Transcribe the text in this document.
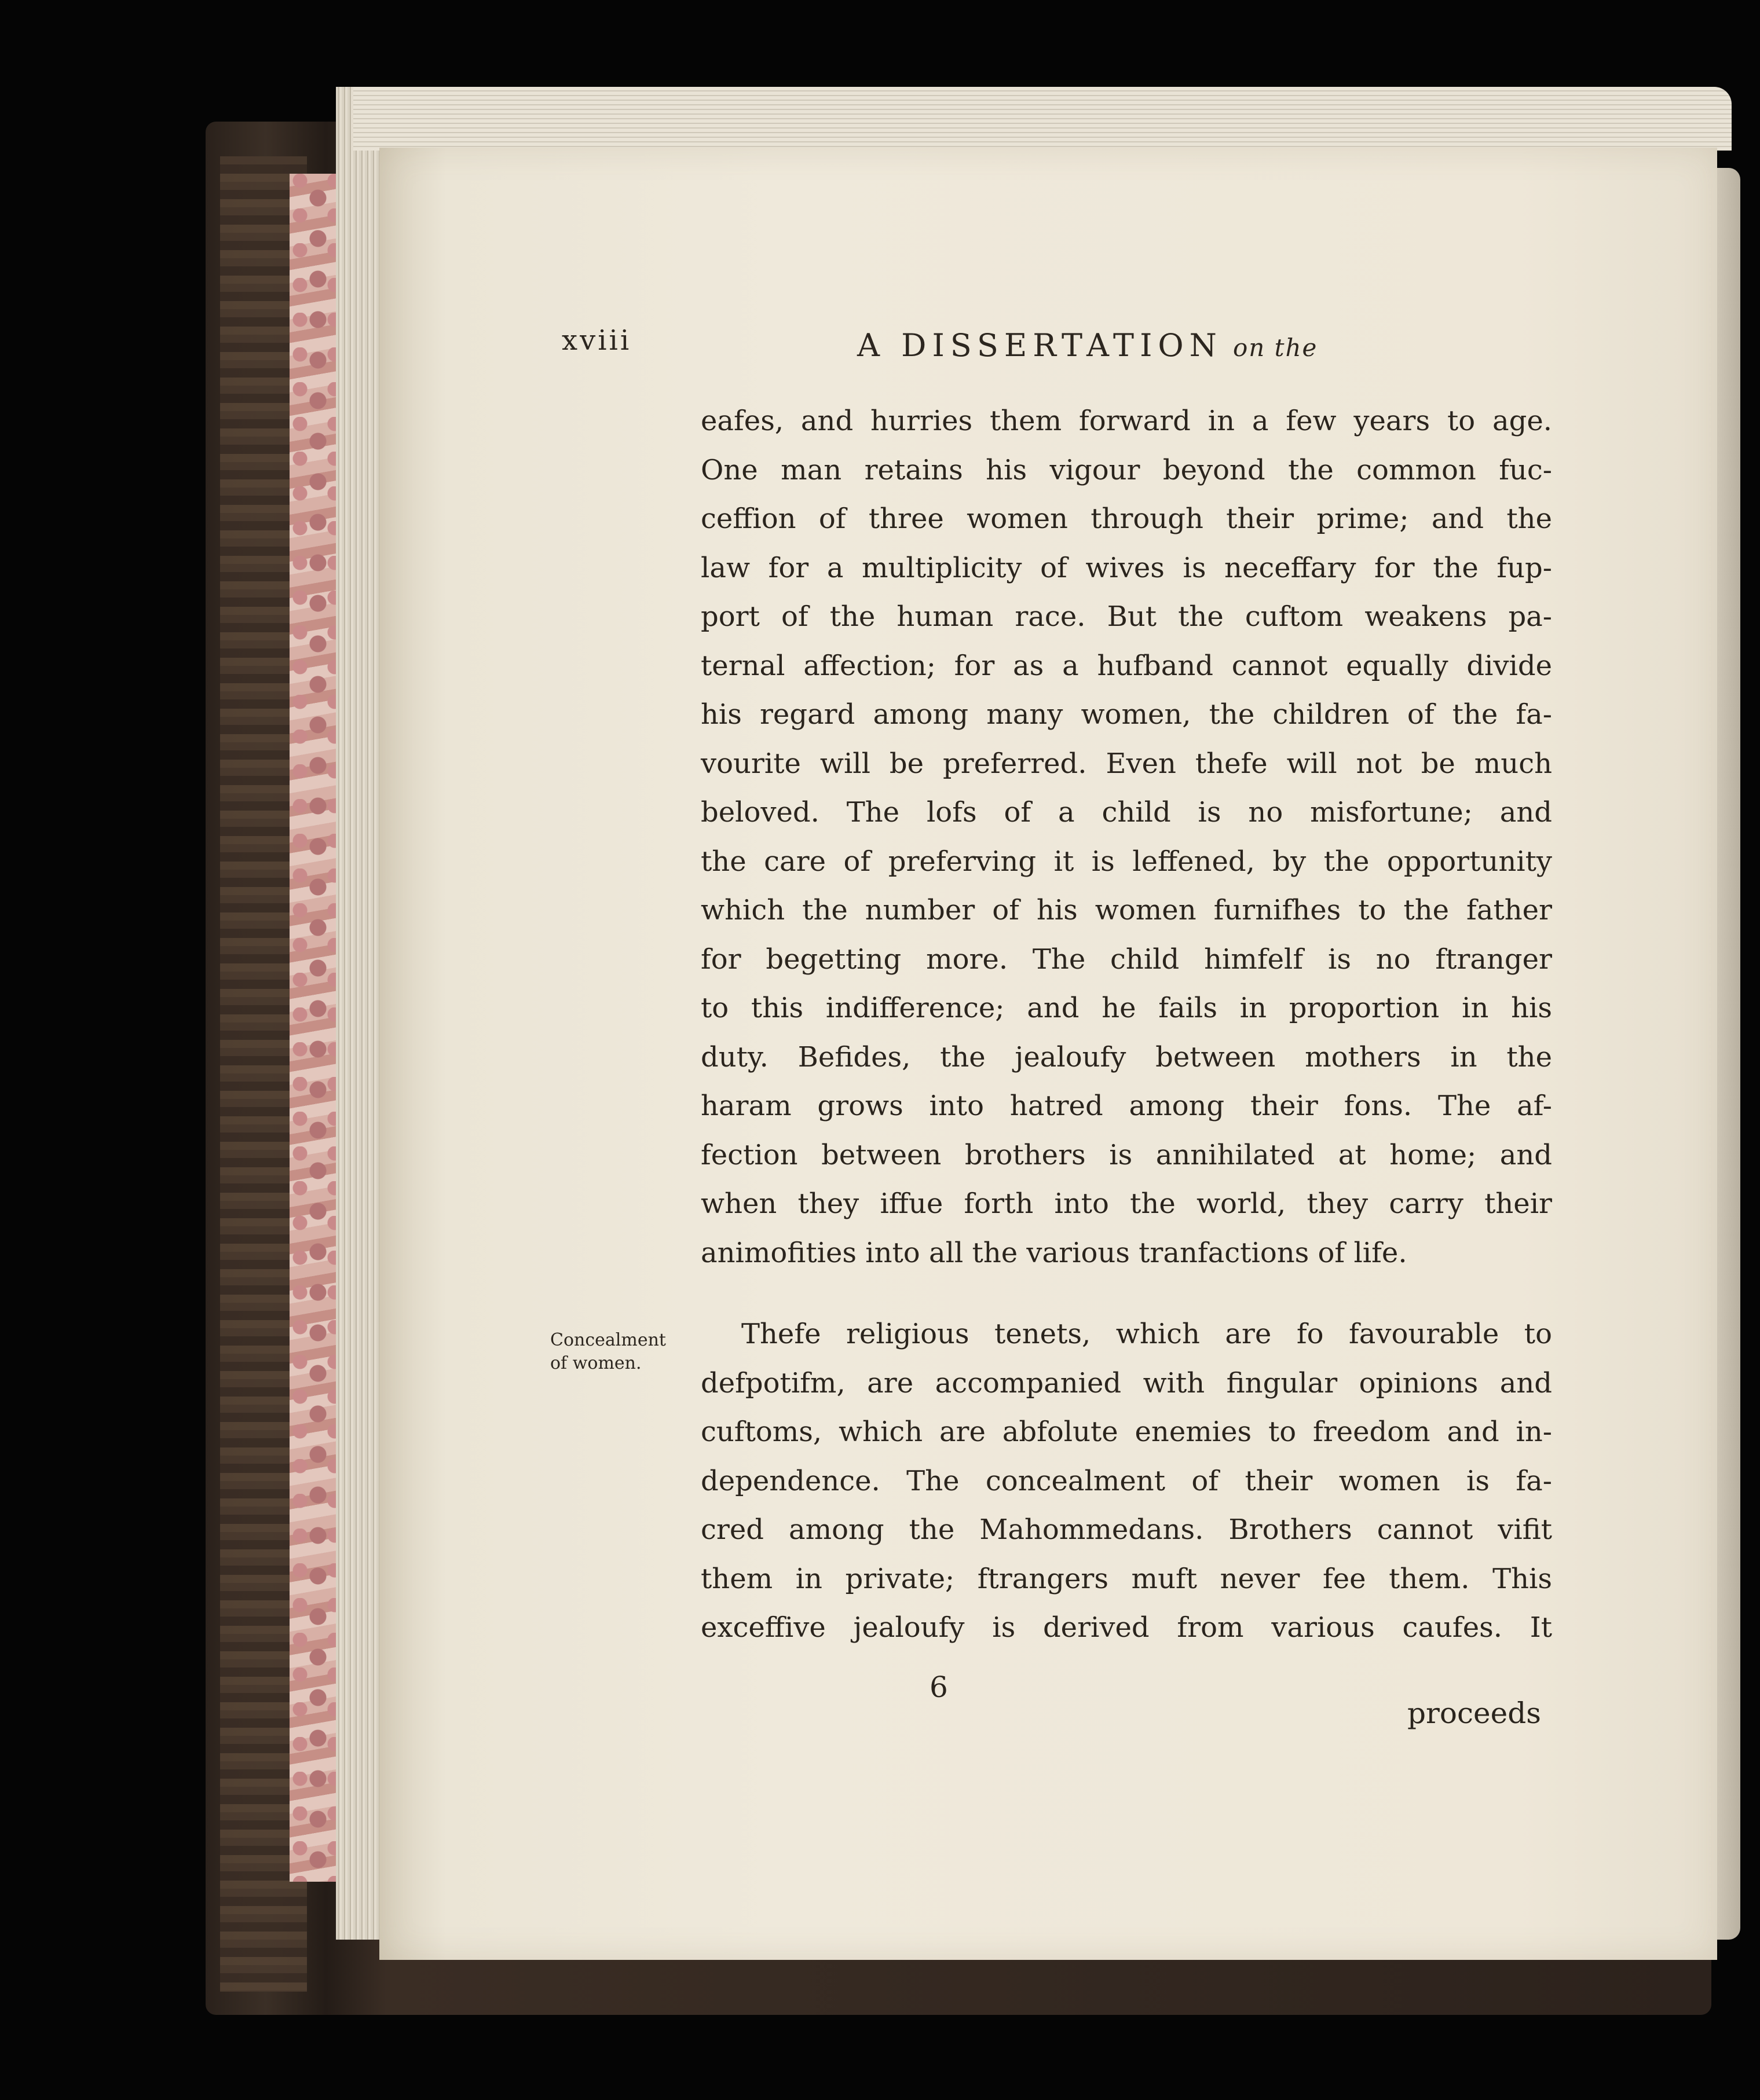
xviii	A DISSERTATION on the
Concealment
of women.
eafes, and hurries them forward in a few years to age.
One man retains his vigour beyond the common fuc-
ceffion of three women through their prime; and the
law for a multiplicity of wives is neceffary for the fup-
port of the human race. But the cuftom weakens pa-
ternal affection; for as a hufband cannot equally divide
his regard among many women, the children of the fa-
vourite will be preferred. Even thefe will not be much
beloved. The lofs of a child is no misfortune; and
the care of preferving it is leffened, by the opportunity
which the number of his women furnifhes to the father
for begetting more. The child himfelf is no ftranger
to this indifference; and he fails in proportion in his
duty. Befides, the jealoufy between mothers in the
haram grows into hatred among their fons. The af-
fection between brothers is annihilated at home; and
when they iffue forth into the world, they carry their
animofities into all the various tranfactions of life.
Thefe religious tenets, which are fo favourable to
defpotifm, are accompanied with fingular opinions and
cuftoms, which are abfolute enemies to freedom and in-
dependence. The concealment of their women is fa-
cred among the Mahommedans. Brothers cannot vifit
them in private; ftrangers muft never fee them. This
exceffive jealoufy is derived from various caufes. It
6
proceeds
